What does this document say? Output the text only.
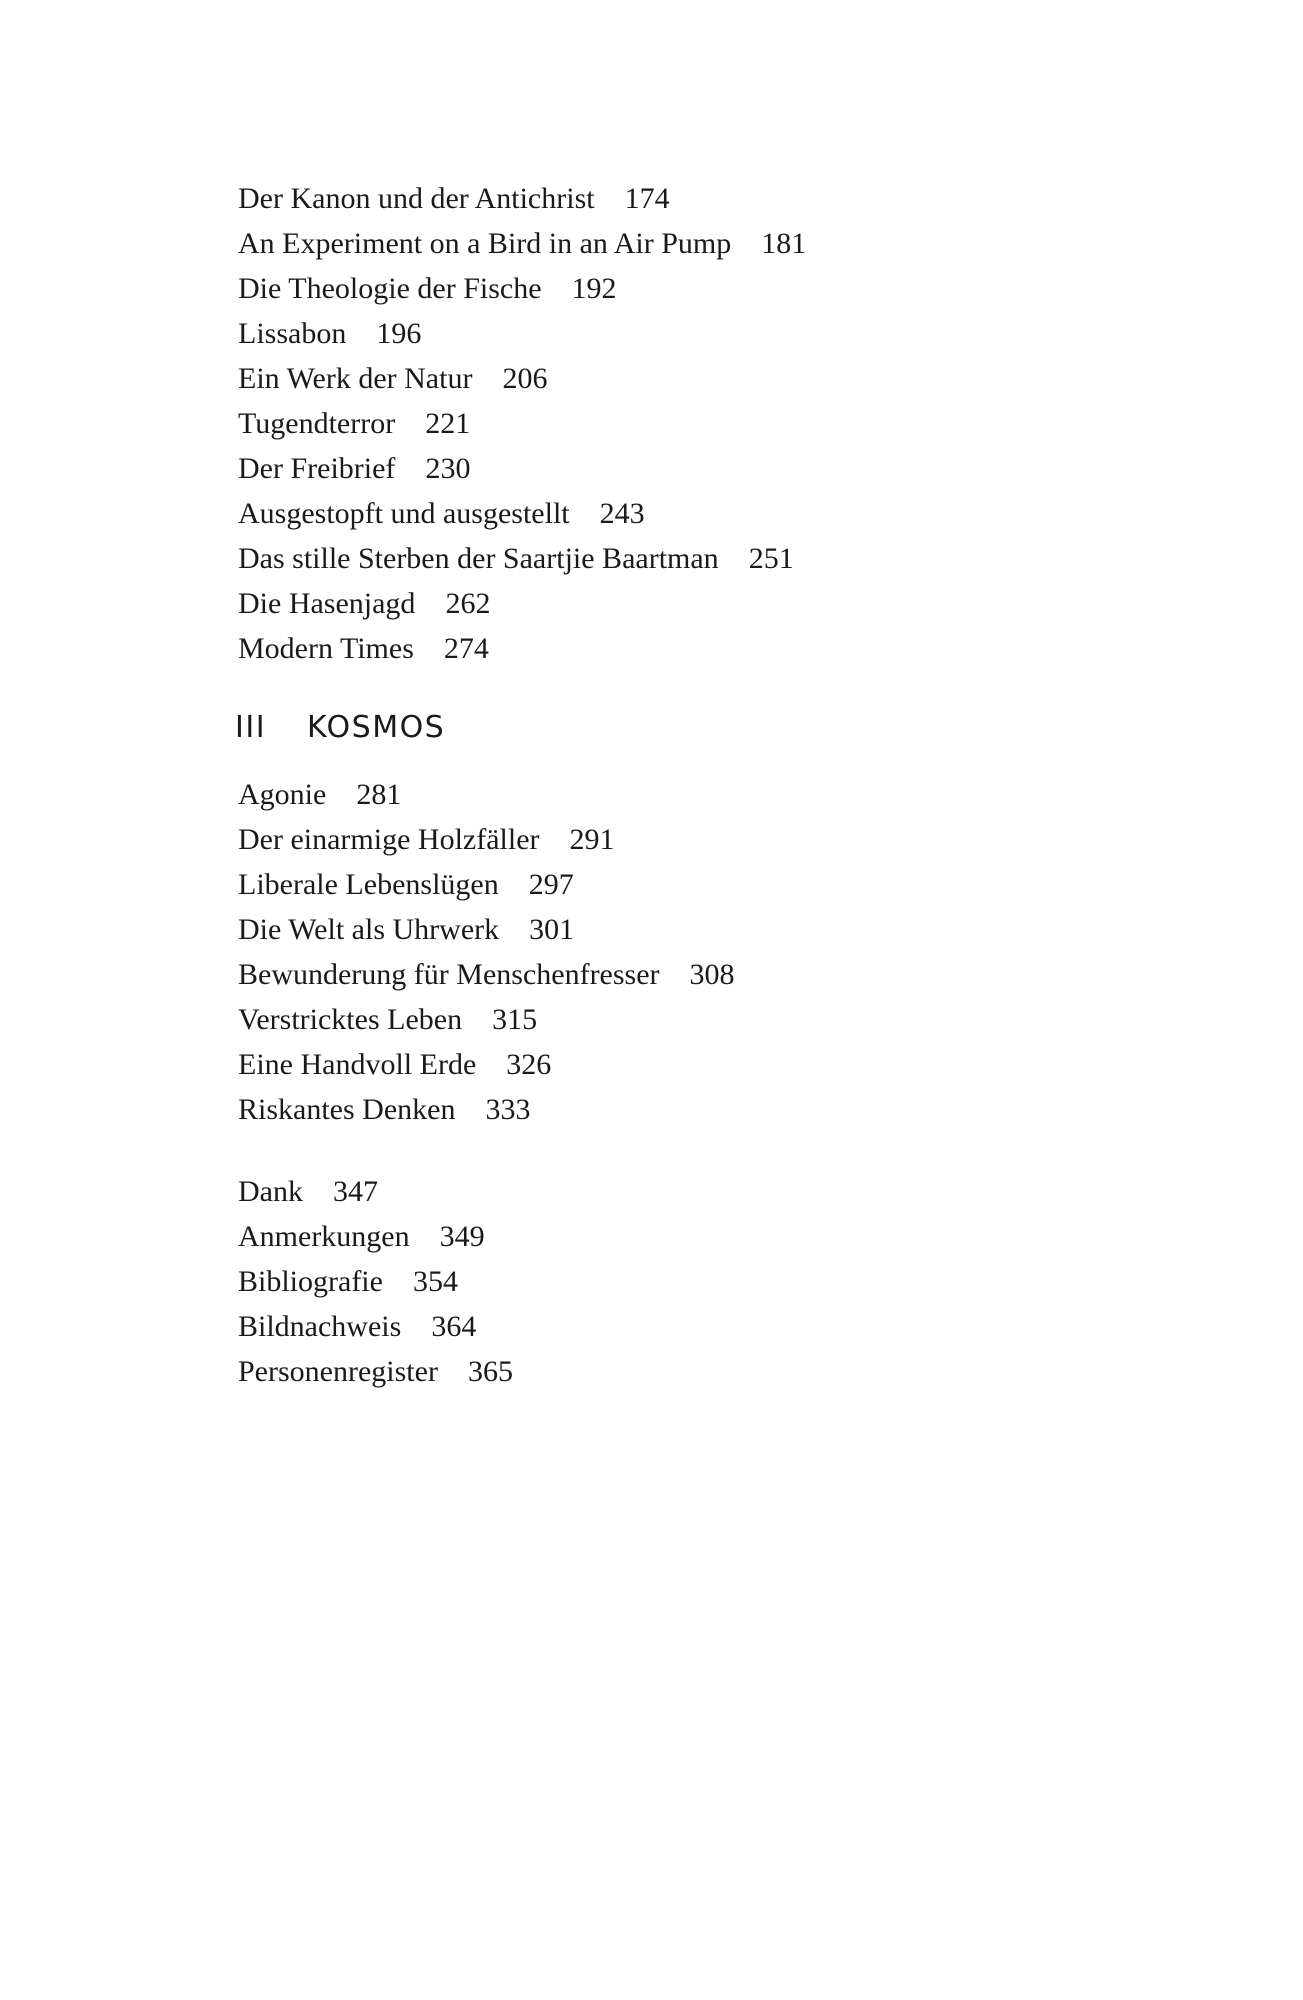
Der Kanon und der Antichrist 174
An Experiment on a Bird in an Air Pump 181
Die Theologie der Fische 192
Lissabon 196
Ein Werk der Natur 206
Tugendterror 221
Der Freibrief 230
Ausgestopft und ausgestellt 243
Das stille Sterben der Saartjie Baartman 251
Die Hasenjagd 262
Modern Times 274
III KOSMOS
Agonie 281
Der einarmige Holzfäller 291
Liberale Lebenslügen 297
Die Welt als Uhrwerk 301
Bewunderung für Menschenfresser 308
Verstricktes Leben 315
Eine Handvoll Erde 326
Riskantes Denken 333
Dank 347
Anmerkungen 349
Bibliografie 354
Bildnachweis 364
Personenregister 365
